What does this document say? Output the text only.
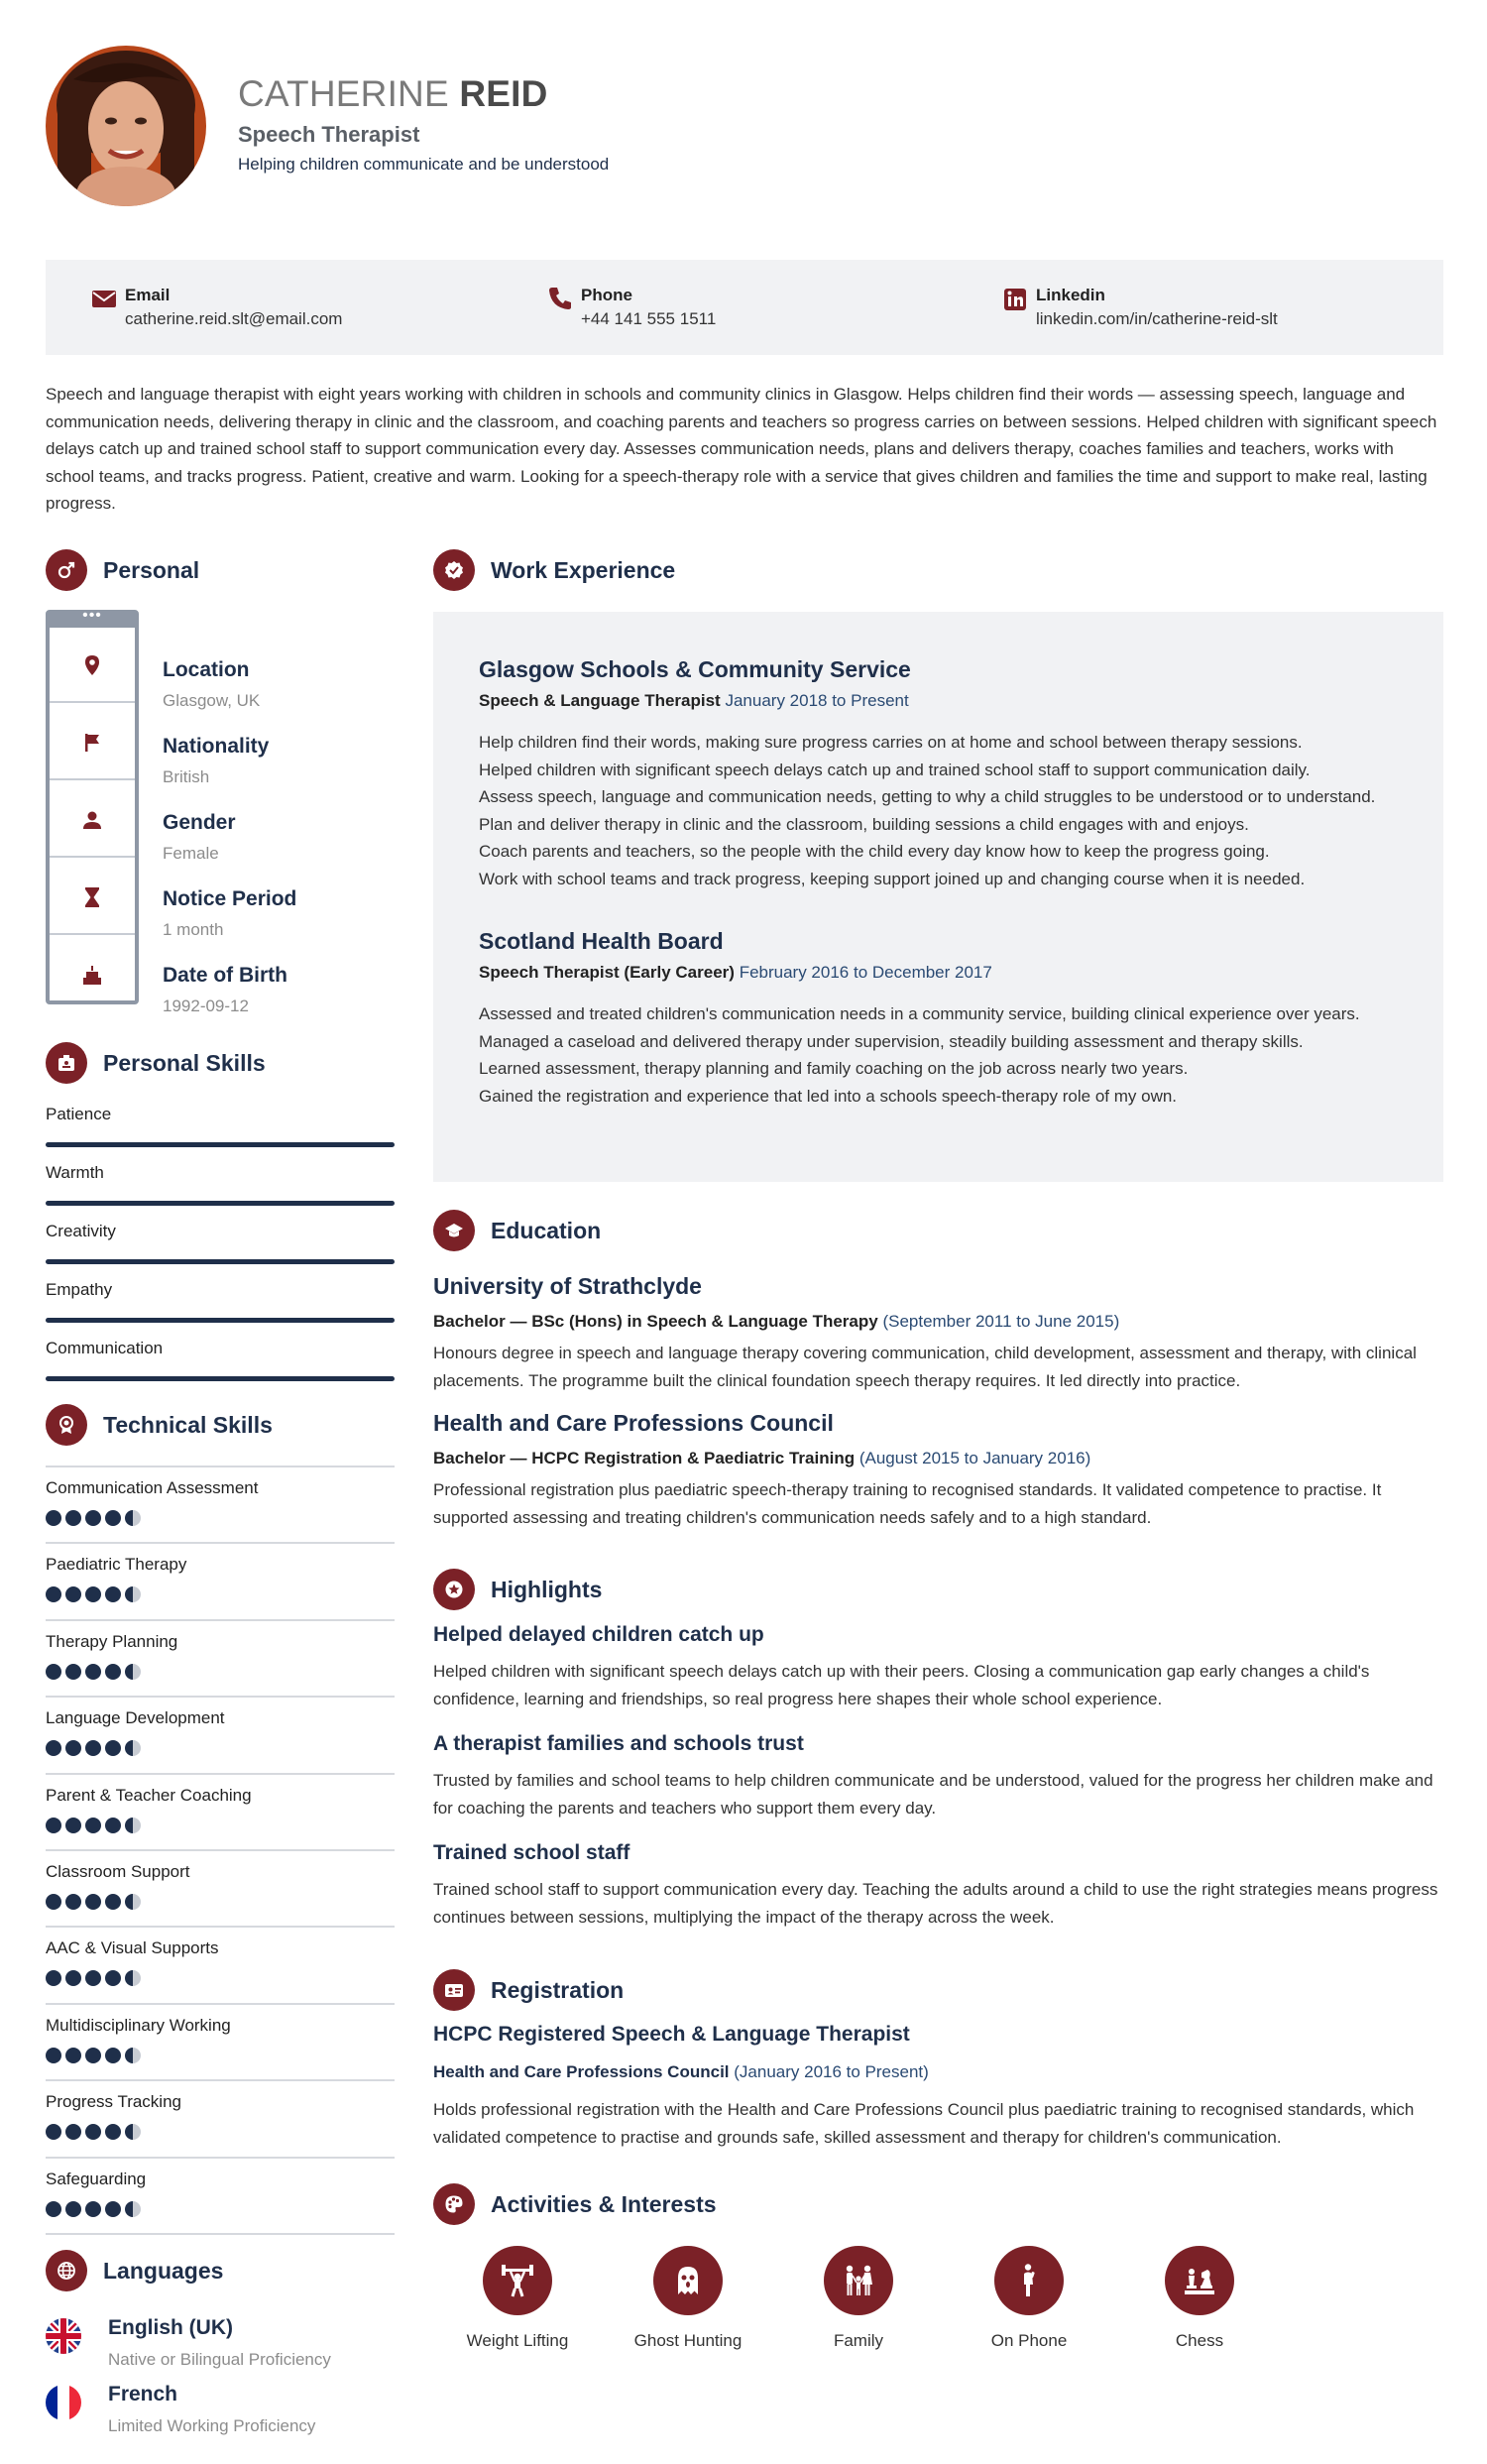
CATHERINE REID
Speech Therapist
Helping children communicate and be understood
Email
catherine.reid.slt@email.com
Phone
+44 141 555 1511
Linkedin
linkedin.com/in/catherine-reid-slt
Speech and language therapist with eight years working with children in schools and community clinics in Glasgow. Helps children find their words — assessing speech, language and communication needs, delivering therapy in clinic and the classroom, and coaching parents and teachers so progress carries on between sessions. Helped children with significant speech delays catch up and trained school staff to support communication every day. Assesses communication needs, plans and delivers therapy, coaches families and teachers, works with school teams, and tracks progress. Patient, creative and warm. Looking for a speech-therapy role with a service that gives children and families the time and support to make real, lasting progress.
Personal
•••
Location
Glasgow, UK
Nationality
British
Gender
Female
Notice Period
1 month
Date of Birth
1992-09-12
Personal Skills
Patience
Warmth
Creativity
Empathy
Communication
Technical Skills
Communication Assessment
Paediatric Therapy
Therapy Planning
Language Development
Parent & Teacher Coaching
Classroom Support
AAC & Visual Supports
Multidisciplinary Working
Progress Tracking
Safeguarding
Languages
English (UK)
Native or Bilingual Proficiency
French
Limited Working Proficiency
Work Experience
Glasgow Schools & Community Service
Speech & Language Therapist January 2018 to Present
Help children find their words, making sure progress carries on at home and school between therapy sessions.
Helped children with significant speech delays catch up and trained school staff to support communication daily.
Assess speech, language and communication needs, getting to why a child struggles to be understood or to understand.
Plan and deliver therapy in clinic and the classroom, building sessions a child engages with and enjoys.
Coach parents and teachers, so the people with the child every day know how to keep the progress going.
Work with school teams and track progress, keeping support joined up and changing course when it is needed.
Scotland Health Board
Speech Therapist (Early Career) February 2016 to December 2017
Assessed and treated children's communication needs in a community service, building clinical experience over years.
Managed a caseload and delivered therapy under supervision, steadily building assessment and therapy skills.
Learned assessment, therapy planning and family coaching on the job across nearly two years.
Gained the registration and experience that led into a schools speech-therapy role of my own.
Education
University of Strathclyde
Bachelor — BSc (Hons) in Speech & Language Therapy (September 2011 to June 2015)
Honours degree in speech and language therapy covering communication, child development, assessment and therapy, with clinical placements. The programme built the clinical foundation speech therapy requires. It led directly into practice.
Health and Care Professions Council
Bachelor — HCPC Registration & Paediatric Training (August 2015 to January 2016)
Professional registration plus paediatric speech-therapy training to recognised standards. It validated competence to practise. It supported assessing and treating children's communication needs safely and to a high standard.
Highlights
Helped delayed children catch up
Helped children with significant speech delays catch up with their peers. Closing a communication gap early changes a child's confidence, learning and friendships, so real progress here shapes their whole school experience.
A therapist families and schools trust
Trusted by families and school teams to help children communicate and be understood, valued for the progress her children make and for coaching the parents and teachers who support them every day.
Trained school staff
Trained school staff to support communication every day. Teaching the adults around a child to use the right strategies means progress continues between sessions, multiplying the impact of the therapy across the week.
Registration
HCPC Registered Speech & Language Therapist
Health and Care Professions Council (January 2016 to Present)
Holds professional registration with the Health and Care Professions Council plus paediatric training to recognised standards, which validated competence to practise and grounds safe, skilled assessment and therapy for children's communication.
Activities & Interests
Weight Lifting	Ghost Hunting	Family	On Phone	Chess
